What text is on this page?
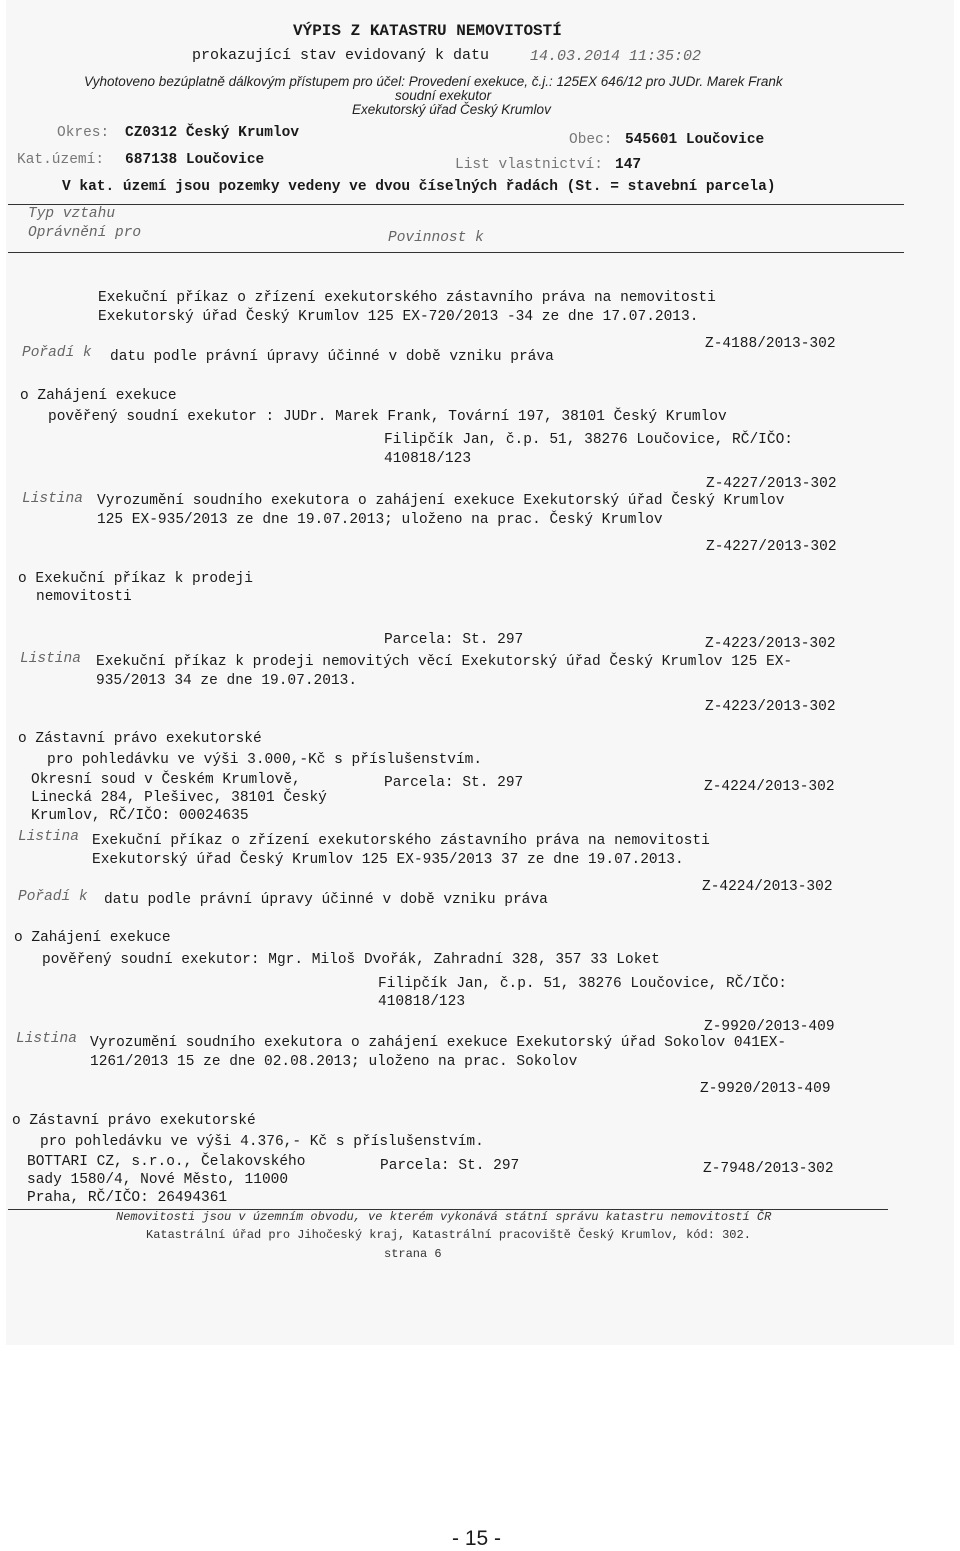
VÝPIS Z KATASTRU NEMOVITOSTÍ
prokazující stav evidovaný k datu	14.03.2014 11:35:02
Vyhotoveno bezúplatně dálkovým přístupem pro účel: Provedení exekuce, č.j.: 125EX 646/12 pro JUDr. Marek Frank
soudní exekutor
Exekutorský úřad Český Krumlov
Okres: CZ0312 Český Krumlov	Obec: 545601 Loučovice
Kat.území: 687138 Loučovice	List vlastnictví: 147
V kat. území jsou pozemky vedeny ve dvou číselných řadách (St. = stavební parcela)
Typ vztahu
Oprávnění pro	Povinnost k
Exekuční příkaz o zřízení exekutorského zástavního práva na nemovitosti
Exekutorský úřad Český Krumlov 125 EX-720/2013 -34 ze dne 17.07.2013.
Z-4188/2013-302
Pořadí k datu podle právní úpravy účinné v době vzniku práva
o Zahájení exekuce
pověřený soudní exekutor : JUDr. Marek Frank, Tovární 197, 38101 Český Krumlov
Filipčík Jan, č.p. 51, 38276 Loučovice, RČ/IČO:
410818/123
Z-4227/2013-302
Listina Vyrozumění soudního exekutora o zahájení exekuce Exekutorský úřad Český Krumlov
125 EX-935/2013 ze dne 19.07.2013; uloženo na prac. Český Krumlov
Z-4227/2013-302
o Exekuční příkaz k prodeji
nemovitosti
Parcela: St. 297	Z-4223/2013-302
Listina Exekuční příkaz k prodeji nemovitých věcí Exekutorský úřad Český Krumlov 125 EX-
935/2013 34 ze dne 19.07.2013.
Z-4223/2013-302
o Zástavní právo exekutorské
pro pohledávku ve výši 3.000,-Kč s příslušenstvím.
Okresní soud v Českém Krumlově,	Parcela: St. 297	Z-4224/2013-302
Linecká 284, Plešivec, 38101 Český
Krumlov, RČ/IČO: 00024635
Listina Exekuční příkaz o zřízení exekutorského zástavního práva na nemovitosti
Exekutorský úřad Český Krumlov 125 EX-935/2013 37 ze dne 19.07.2013.
Z-4224/2013-302
Pořadí k datu podle právní úpravy účinné v době vzniku práva
o Zahájení exekuce
pověřený soudní exekutor: Mgr. Miloš Dvořák, Zahradní 328, 357 33 Loket
Filipčík Jan, č.p. 51, 38276 Loučovice, RČ/IČO:
410818/123
Z-9920/2013-409
Listina Vyrozumění soudního exekutora o zahájení exekuce Exekutorský úřad Sokolov 041EX-
1261/2013 15 ze dne 02.08.2013; uloženo na prac. Sokolov
Z-9920/2013-409
o Zástavní právo exekutorské
pro pohledávku ve výši 4.376,- Kč s příslušenstvím.
BOTTARI CZ, s.r.o., Čelakovského	Parcela: St. 297	Z-7948/2013-302
sady 1580/4, Nové Město, 11000
Praha, RČ/IČO: 26494361
Nemovitosti jsou v územním obvodu, ve kterém vykonává státní správu katastru nemovitostí ČR
Katastrální úřad pro Jihočeský kraj, Katastrální pracoviště Český Krumlov, kód: 302.
strana 6
- 15 -
